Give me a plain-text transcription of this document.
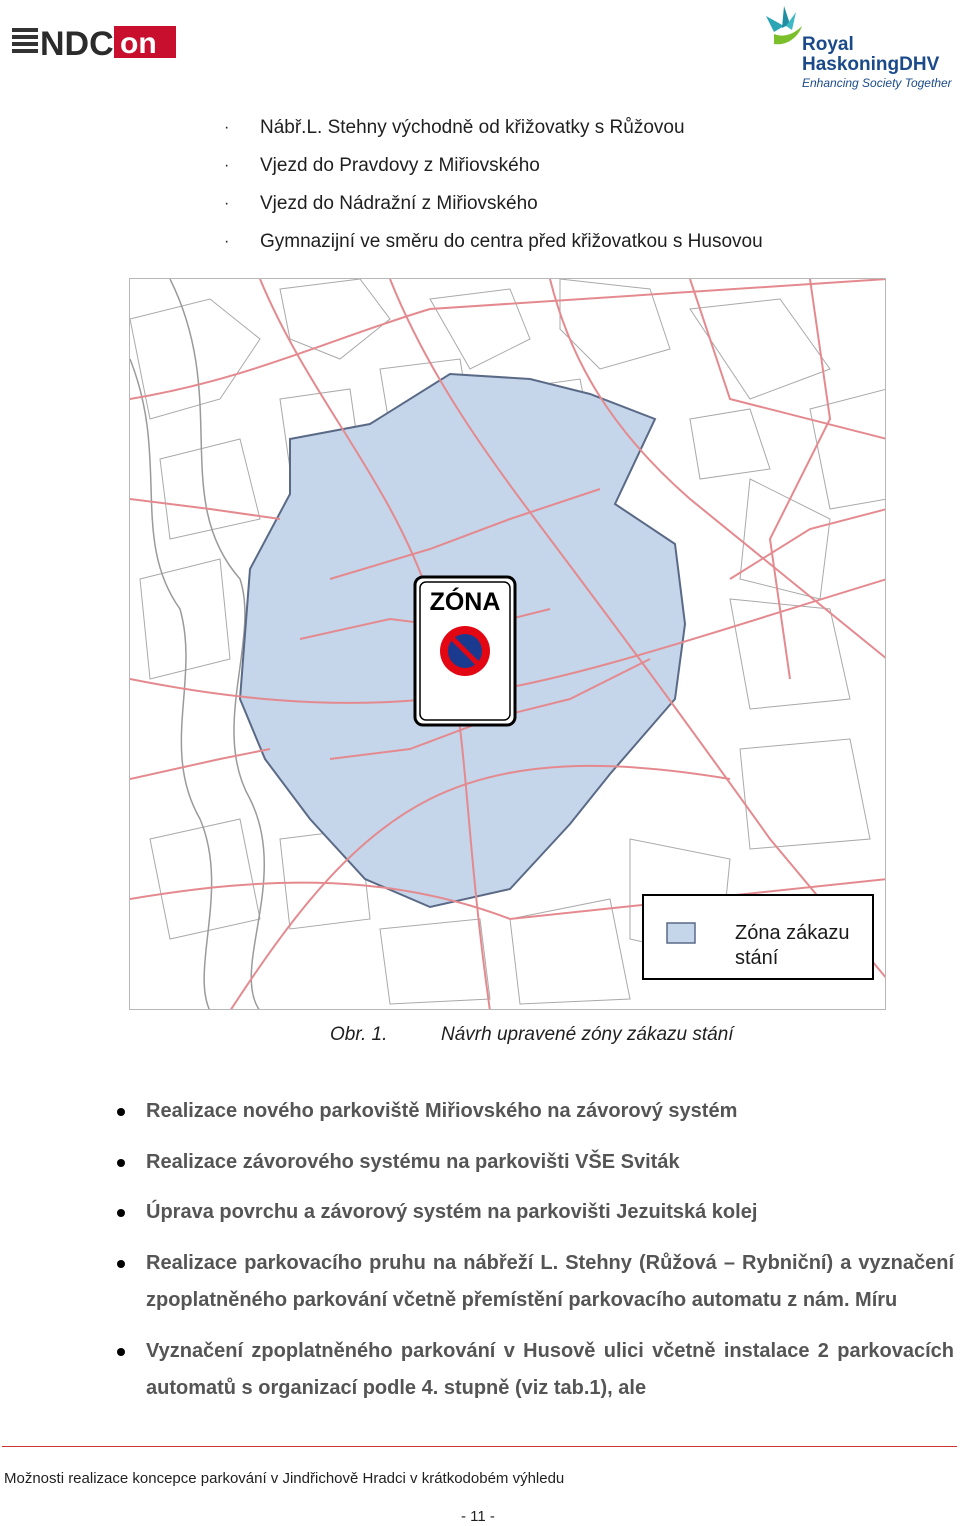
NDC on	Royal
HaskoningDHV
Enhancing Society Together
· Nábř.L. Stehny východně od křižovatky s Růžovou
· Vjezd do Pravdovy z Miřiovského
· Vjezd do Nádražní z Miřiovského
· Gymnazijní ve směru do centra před křižovatkou s Husovou
ZÓNA
Zóna zákazu
stání
Obr. 1.	Návrh upravené zóny zákazu stání
Realizace nového parkoviště Miřiovského na závorový systém
Realizace závorového systému na parkovišti VŠE Sviták
Úprava povrchu a závorový systém na parkovišti Jezuitská kolej
Realizace parkovacího pruhu na nábřeží L. Stehny (Růžová – Rybniční) a vyznačení zpoplatněného parkování včetně přemístění parkovacího automatu z nám. Míru
Vyznačení zpoplatněného parkování v Husově ulici včetně instalace 2 parkovacích automatů s organizací podle 4. stupně (viz tab.1), ale
Možnosti realizace koncepce parkování v Jindřichově Hradci v krátkodobém výhledu
- 11 -
